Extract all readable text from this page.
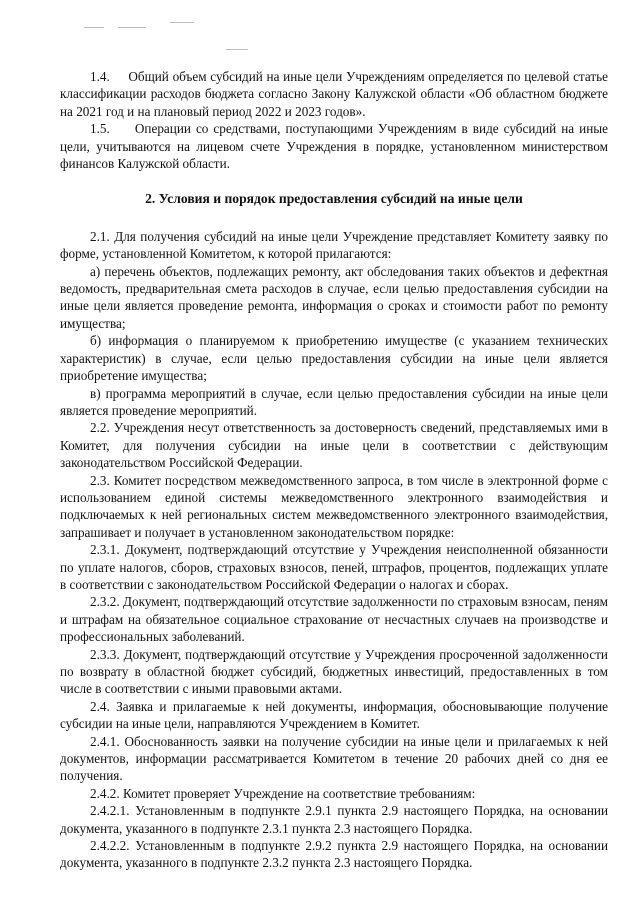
1.4.     Общий объем субсидий на иные цели Учреждениям определяется по целевой статье классификации расходов бюджета согласно Закону Калужской области «Об областном бюджете на 2021 год и на плановый период 2022 и 2023 годов».

1.5.     Операции со средствами, поступающими Учреждениям в виде субсидий на иные цели, учитываются на лицевом счете Учреждения в порядке, установленном министерством финансов Калужской области.

2. Условия и порядок предоставления субсидий на иные цели

2.1. Для получения субсидий на иные цели Учреждение представляет Комитету заявку по форме, установленной Комитетом, к которой прилагаются:

а) перечень объектов, подлежащих ремонту, акт обследования таких объектов и дефектная ведомость, предварительная смета расходов в случае, если целью предоставления субсидии на иные цели является проведение ремонта, информация о сроках и стоимости работ по ремонту имущества;

б) информация о планируемом к приобретению имуществе (с указанием технических характеристик) в случае, если целью предоставления субсидии на иные цели является приобретение имущества;

в) программа мероприятий в случае, если целью предоставления субсидии на иные цели является проведение мероприятий.

2.2. Учреждения несут ответственность за достоверность сведений, представляемых ими в Комитет, для получения субсидии на иные цели в соответствии с действующим законодательством Российской Федерации.

2.3. Комитет посредством межведомственного запроса, в том числе в электронной форме с использованием единой системы межведомственного электронного взаимодействия и подключаемых к ней региональных систем межведомственного электронного взаимодействия, запрашивает и получает в установленном законодательством порядке:

2.3.1. Документ, подтверждающий отсутствие у Учреждения неисполненной обязанности по уплате налогов, сборов, страховых взносов, пеней, штрафов, процентов, подлежащих уплате в соответствии с законодательством Российской Федерации о налогах и сборах.

2.3.2. Документ, подтверждающий отсутствие задолженности по страховым взносам, пеням и штрафам на обязательное социальное страхование от несчастных случаев на производстве и профессиональных заболеваний.

2.3.3. Документ, подтверждающий отсутствие у Учреждения просроченной задолженности по возврату в областной бюджет субсидий, бюджетных инвестиций, предоставленных в том числе в соответствии с иными правовыми актами.

2.4. Заявка и прилагаемые к ней документы, информация, обосновывающие получение субсидии на иные цели, направляются Учреждением в Комитет.

2.4.1. Обоснованность заявки на получение субсидии на иные цели и прилагаемых к ней документов, информации рассматривается Комитетом в течение 20 рабочих дней со дня ее получения.

2.4.2. Комитет проверяет Учреждение на соответствие требованиям:

2.4.2.1. Установленным в подпункте 2.9.1 пункта 2.9 настоящего Порядка, на основании документа, указанного в подпункте 2.3.1 пункта 2.3 настоящего Порядка.

2.4.2.2. Установленным в подпункте 2.9.2 пункта 2.9 настоящего Порядка, на основании документа, указанного в подпункте 2.3.2 пункта 2.3 настоящего Порядка.
